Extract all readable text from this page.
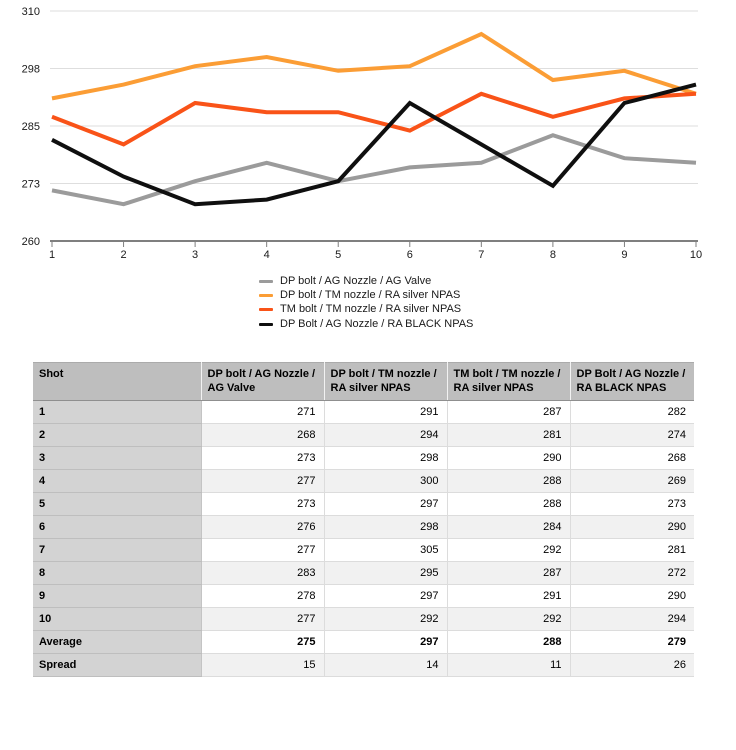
260
273
285
298
310
1	2	3	4	5	6	7	8	9	10
DP bolt / AG Nozzle / AG Valve
DP bolt / TM nozzle / RA silver NPAS
TM bolt / TM nozzle / RA silver NPAS
DP Bolt / AG Nozzle / RA BLACK NPAS
Shot	DP bolt / AG Nozzle / AG Valve	DP bolt / TM nozzle / RA silver NPAS	TM bolt / TM nozzle / RA silver NPAS	DP Bolt / AG Nozzle / RA BLACK NPAS
1	271	291	287	282
2	268	294	281	274
3	273	298	290	268
4	277	300	288	269
5	273	297	288	273
6	276	298	284	290
7	277	305	292	281
8	283	295	287	272
9	278	297	291	290
10	277	292	292	294
Average	275	297	288	279
Spread	15	14	11	26
